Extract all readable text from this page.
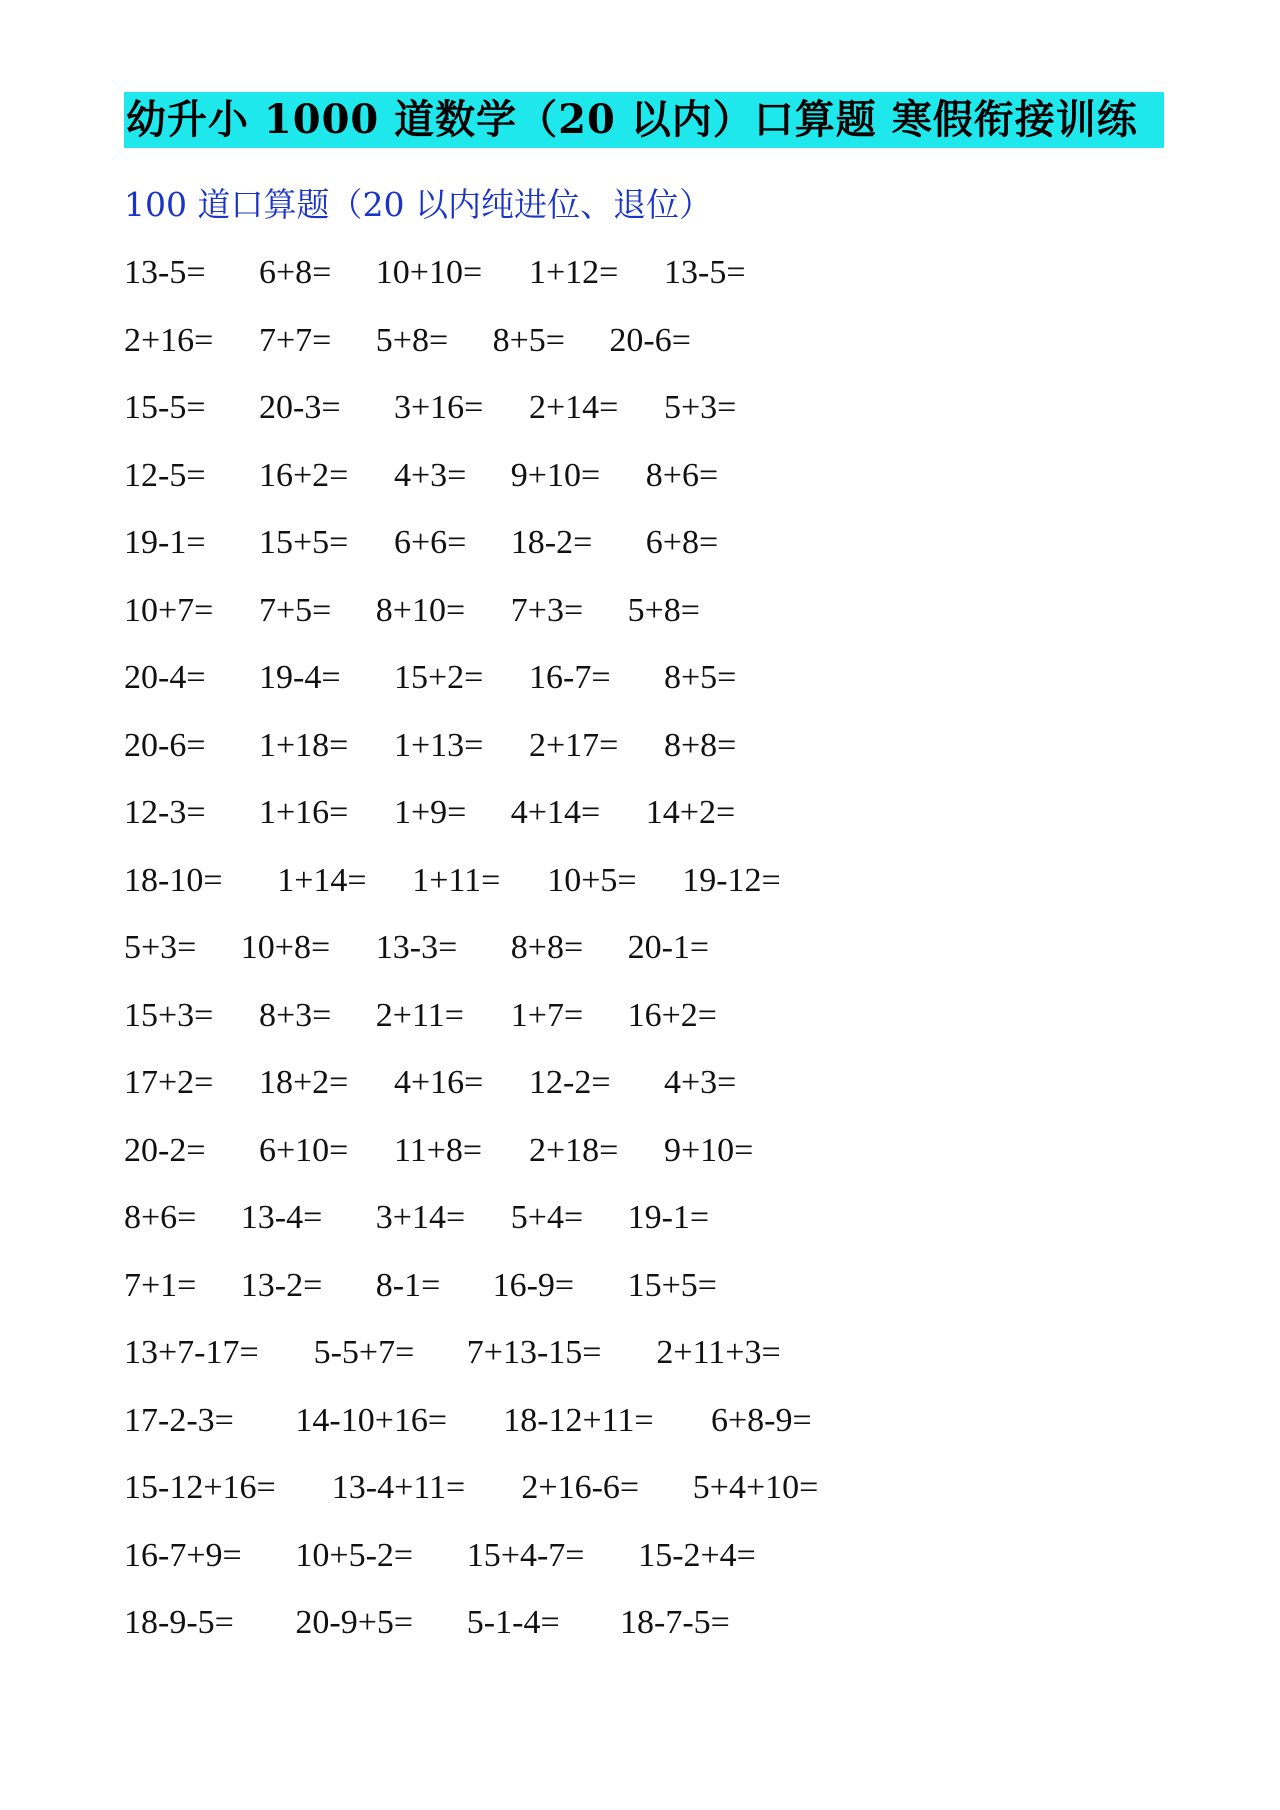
幼升小 1000 道数学（20 以内）口算题 寒假衔接训练
100 道口算题（20 以内纯进位、退位）
13-5= 6+8= 10+10= 1+12= 13-5=
2+16= 7+7= 5+8= 8+5= 20-6=
15-5= 20-3= 3+16= 2+14= 5+3=
12-5= 16+2= 4+3= 9+10= 8+6=
19-1= 15+5= 6+6= 18-2= 6+8=
10+7= 7+5= 8+10= 7+3= 5+8=
20-4= 19-4= 15+2= 16-7= 8+5=
20-6= 1+18= 1+13= 2+17= 8+8=
12-3= 1+16= 1+9= 4+14= 14+2=
18-10= 1+14= 1+11= 10+5= 19-12=
5+3= 10+8= 13-3= 8+8= 20-1=
15+3= 8+3= 2+11= 1+7= 16+2=
17+2= 18+2= 4+16= 12-2= 4+3=
20-2= 6+10= 11+8= 2+18= 9+10=
8+6= 13-4= 3+14= 5+4= 19-1=
7+1= 13-2= 8-1= 16-9= 15+5=
13+7-17= 5-5+7= 7+13-15= 2+11+3=
17-2-3= 14-10+16= 18-12+11= 6+8-9=
15-12+16= 13-4+11= 2+16-6= 5+4+10=
16-7+9= 10+5-2= 15+4-7= 15-2+4=
18-9-5= 20-9+5= 5-1-4= 18-7-5=
